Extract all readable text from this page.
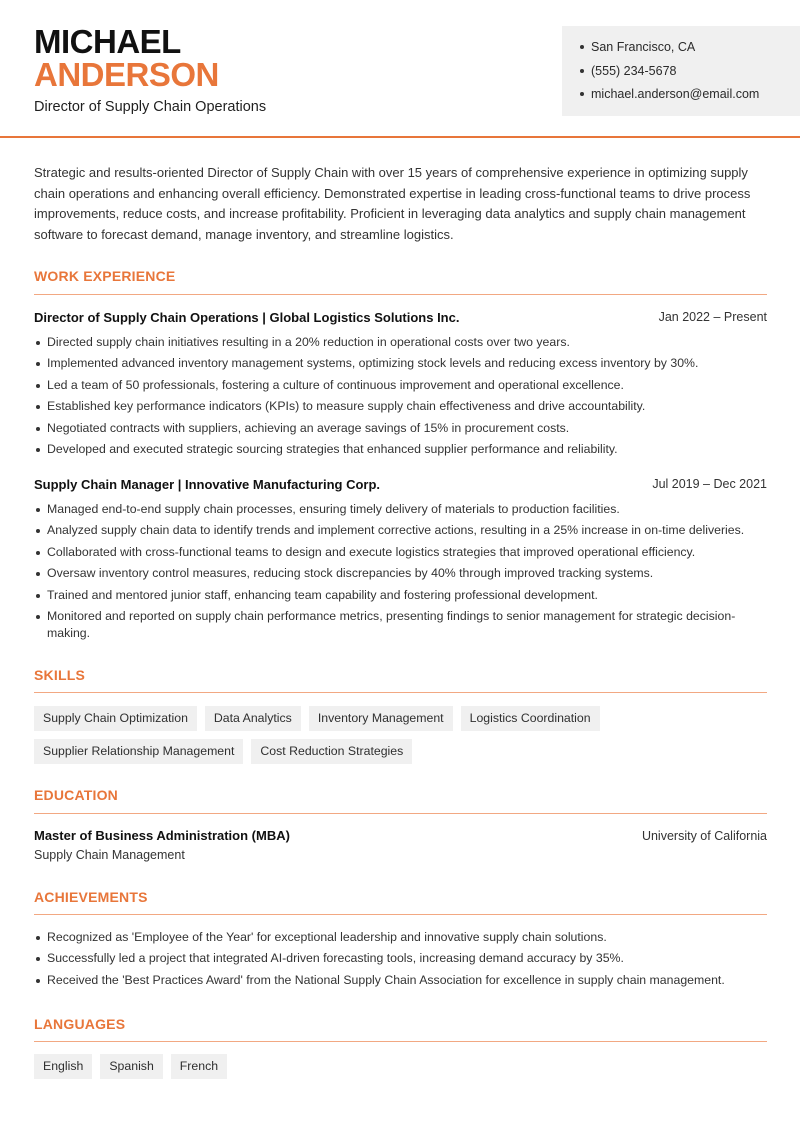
MICHAEL
ANDERSON
Director of Supply Chain Operations
San Francisco, CA
(555) 234-5678
michael.anderson@email.com

Strategic and results-oriented Director of Supply Chain with over 15 years of comprehensive experience in optimizing supply chain operations and enhancing overall efficiency. Demonstrated expertise in leading cross-functional teams to drive process improvements, reduce costs, and increase profitability. Proficient in leveraging data analytics and supply chain management software to forecast demand, manage inventory, and streamline logistics.

WORK EXPERIENCE
Director of Supply Chain Operations | Global Logistics Solutions Inc.	Jan 2022 – Present
Directed supply chain initiatives resulting in a 20% reduction in operational costs over two years.
Implemented advanced inventory management systems, optimizing stock levels and reducing excess inventory by 30%.
Led a team of 50 professionals, fostering a culture of continuous improvement and operational excellence.
Established key performance indicators (KPIs) to measure supply chain effectiveness and drive accountability.
Negotiated contracts with suppliers, achieving an average savings of 15% in procurement costs.
Developed and executed strategic sourcing strategies that enhanced supplier performance and reliability.
Supply Chain Manager | Innovative Manufacturing Corp.	Jul 2019 – Dec 2021
Managed end-to-end supply chain processes, ensuring timely delivery of materials to production facilities.
Analyzed supply chain data to identify trends and implement corrective actions, resulting in a 25% increase in on-time deliveries.
Collaborated with cross-functional teams to design and execute logistics strategies that improved operational efficiency.
Oversaw inventory control measures, reducing stock discrepancies by 40% through improved tracking systems.
Trained and mentored junior staff, enhancing team capability and fostering professional development.
Monitored and reported on supply chain performance metrics, presenting findings to senior management for strategic decision-making.
SKILLS
Supply Chain Optimization	Data Analytics	Inventory Management	Logistics Coordination
Supplier Relationship Management	Cost Reduction Strategies
EDUCATION
Master of Business Administration (MBA)	University of California
Supply Chain Management
ACHIEVEMENTS
Recognized as 'Employee of the Year' for exceptional leadership and innovative supply chain solutions.
Successfully led a project that integrated AI-driven forecasting tools, increasing demand accuracy by 35%.
Received the 'Best Practices Award' from the National Supply Chain Association for excellence in supply chain management.
LANGUAGES
English	Spanish	French
